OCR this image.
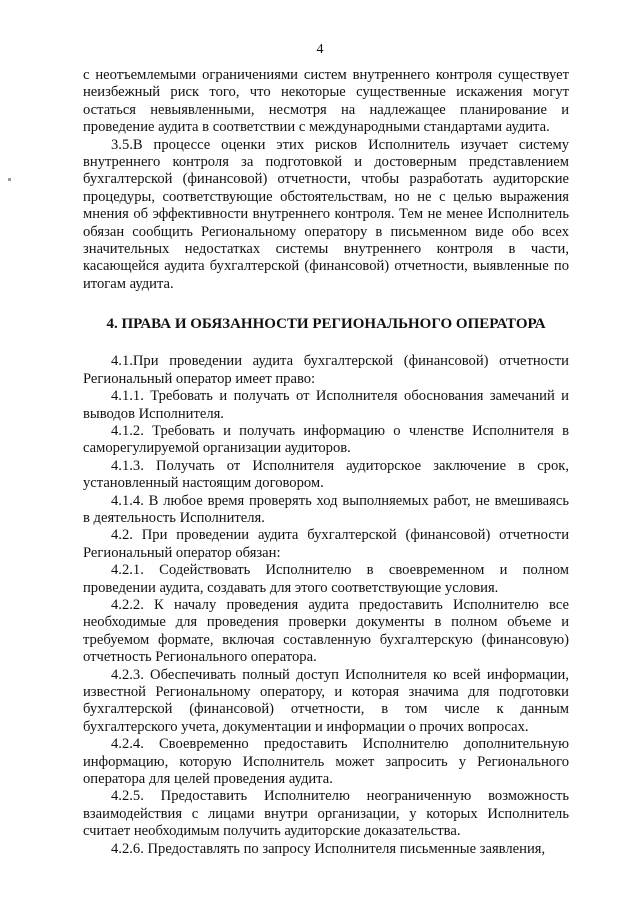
4

с неотъемлемыми ограничениями систем внутреннего контроля существует неизбежный риск того, что некоторые существенные искажения могут остаться невыявленными, несмотря на надлежащее планирование и проведение аудита в соответствии с международными стандартами аудита.

3.5.В процессе оценки этих рисков Исполнитель изучает систему внутреннего контроля за подготовкой и достоверным представлением бухгалтерской (финансовой) отчетности, чтобы разработать аудиторские процедуры, соответствующие обстоятельствам, но не с целью выражения мнения об эффективности внутреннего контроля. Тем не менее Исполнитель обязан сообщить Региональному оператору в письменном виде обо всех значительных недостатках системы внутреннего контроля в части, касающейся аудита бухгалтерской (финансовой) отчетности, выявленные по итогам аудита.

4. ПРАВА И ОБЯЗАННОСТИ РЕГИОНАЛЬНОГО ОПЕРАТОРА

4.1.При проведении аудита бухгалтерской (финансовой) отчетности Региональный оператор имеет право:

4.1.1. Требовать и получать от Исполнителя обоснования замечаний и выводов Исполнителя.

4.1.2. Требовать и получать информацию о членстве Исполнителя в саморегулируемой организации аудиторов.

4.1.3. Получать от Исполнителя аудиторское заключение в срок, установленный настоящим договором.

4.1.4. В любое время проверять ход выполняемых работ, не вмешиваясь в деятельность Исполнителя.

4.2. При проведении аудита бухгалтерской (финансовой) отчетности Региональный оператор обязан:

4.2.1. Содействовать Исполнителю в своевременном и полном проведении аудита, создавать для этого соответствующие условия.

4.2.2. К началу проведения аудита предоставить Исполнителю все необходимые для проведения проверки документы в полном объеме и требуемом формате, включая составленную бухгалтерскую (финансовую) отчетность Регионального оператора.

4.2.3. Обеспечивать полный доступ Исполнителя ко всей информации, известной Региональному оператору, и которая значима для подготовки бухгалтерской (финансовой) отчетности, в том числе к данным бухгалтерского учета, документации и информации о прочих вопросах.

4.2.4. Своевременно предоставить Исполнителю дополнительную информацию, которую Исполнитель может запросить у Регионального оператора для целей проведения аудита.

4.2.5. Предоставить Исполнителю неограниченную возможность взаимодействия с лицами внутри организации, у которых Исполнитель считает необходимым получить аудиторские доказательства.

4.2.6. Предоставлять по запросу Исполнителя письменные заявления,
